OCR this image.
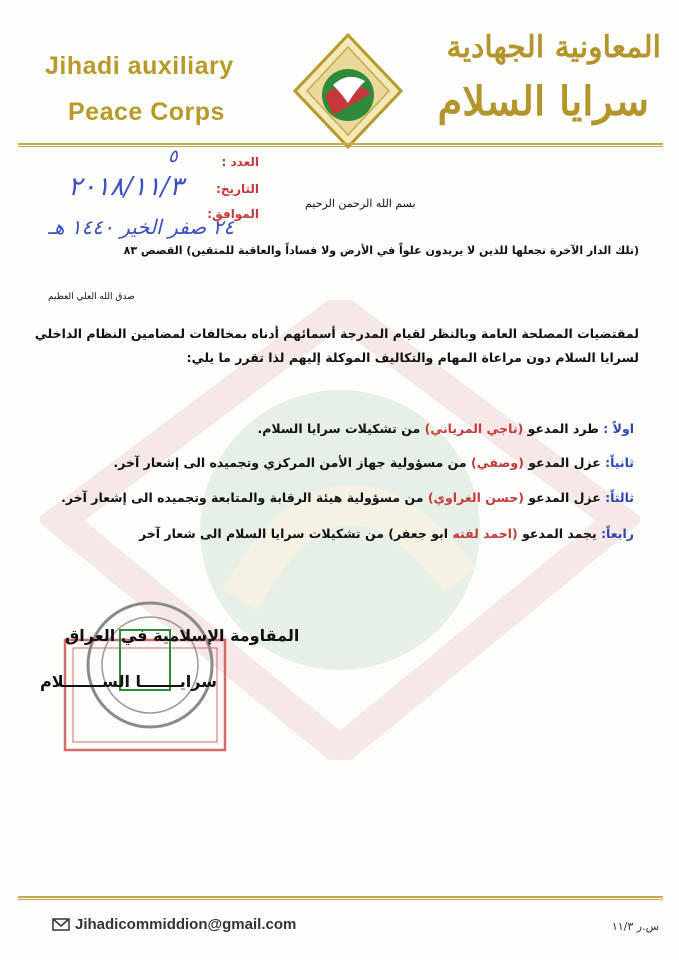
Jihadi auxiliary
Peace Corps
المعاونية الجهادية
سرايا السلام
العدد :
التاريخ:
الموافق:
٥
٢٠١٨/١١/٣
٢٤ صفر الخير ١٤٤٠ هـ
بسم الله الرحمن الرحيم
(تلك الدار الآخرة نجعلها للذين لا يريدون علواً في الأرض ولا فساداً والعاقبة للمتقين) القصص ٨٣
صدق الله العلي العظيم
لمقتضيات المصلحة العامة وبالنظر لقيام المدرجة أسمائهم أدناه بمخالفات لمضامين النظام الداخلي لسرايا السلام دون مراعاة المهام والتكاليف الموكلة إليهم لذا تقرر ما يلي:
اولاً : طرد المدعو (ناجي المرياني) من تشكيلات سرايا السلام.
ثانياً: عزل المدعو (وصفي) من مسؤولية جهاز الأمن المركزي وتجميده الى إشعار آخر.
ثالثاً: عزل المدعو (حسن الغراوي) من مسؤولية هيئة الرقابة والمتابعة وتجميده الى إشعار آخر.
رابعاً: يجمد المدعو (احمد لفته ابو جعفر) من تشكيلات سرايا السلام الى شعار آخر
المقاومة الإسلامية في العراق
سرايـــــــا الســـــــلام
Jihadicommiddion@gmail.com	س.ر ١١/٣
